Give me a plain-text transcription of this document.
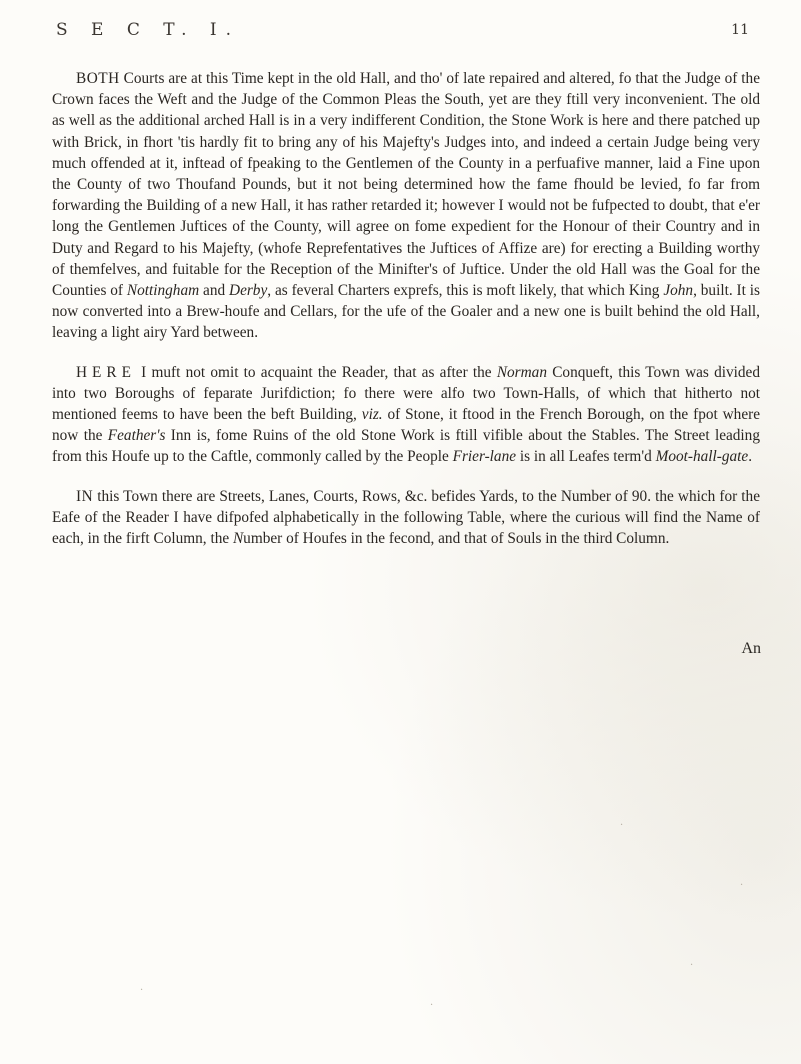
S E C T. I.	11

BOTH Courts are at this Time kept in the old Hall, and tho' of late repaired and altered, fo that the Judge of the Crown faces the Weft and the Judge of the Common Pleas the South, yet are they ftill very inconvenient. The old as well as the additional arched Hall is in a very indifferent Condition, the Stone Work is here and there patched up with Brick, in fhort 'tis hardly fit to bring any of his Majefty's Judges into, and indeed a certain Judge being very much offended at it, inftead of fpeaking to the Gentlemen of the County in a perfuafive manner, laid a Fine upon the County of two Thoufand Pounds, but it not being determined how the fame fhould be levied, fo far from forwarding the Building of a new Hall, it has rather retarded it; however I would not be fufpected to doubt, that e'er long the Gentlemen Juftices of the County, will agree on fome expedient for the Honour of their Country and in Duty and Regard to his Majefty, (whofe Reprefentatives the Juftices of Affize are) for erecting a Building worthy of themfelves, and fuitable for the Reception of the Minifter's of Juftice. Under the old Hall was the Goal for the Counties of Nottingham and Derby, as feveral Charters exprefs, this is moft likely, that which King John, built. It is now converted into a Brew-houfe and Cellars, for the ufe of the Goaler and a new one is built behind the old Hall, leaving a light airy Yard between.

HERE I muft not omit to acquaint the Reader, that as after the Norman Conqueft, this Town was divided into two Boroughs of feparate Jurifdiction; fo there were alfo two Town-Halls, of which that hitherto not mentioned feems to have been the beft Building, viz. of Stone, it ftood in the French Borough, on the fpot where now the Feather's Inn is, fome Ruins of the old Stone Work is ftill vifible about the Stables. The Street leading from this Houfe up to the Caftle, commonly called by the People Frier-lane is in all Leafes term'd Moot-hall-gate.

IN this Town there are Streets, Lanes, Courts, Rows, &c. befides Yards, to the Number of 90. the which for the Eafe of the Reader I have difpofed alphabetically in the following Table, where the curious will find the Name of each, in the firft Column, the Number of Houfes in the fecond, and that of Souls in the third Column.

An
·
·
·
·
·
